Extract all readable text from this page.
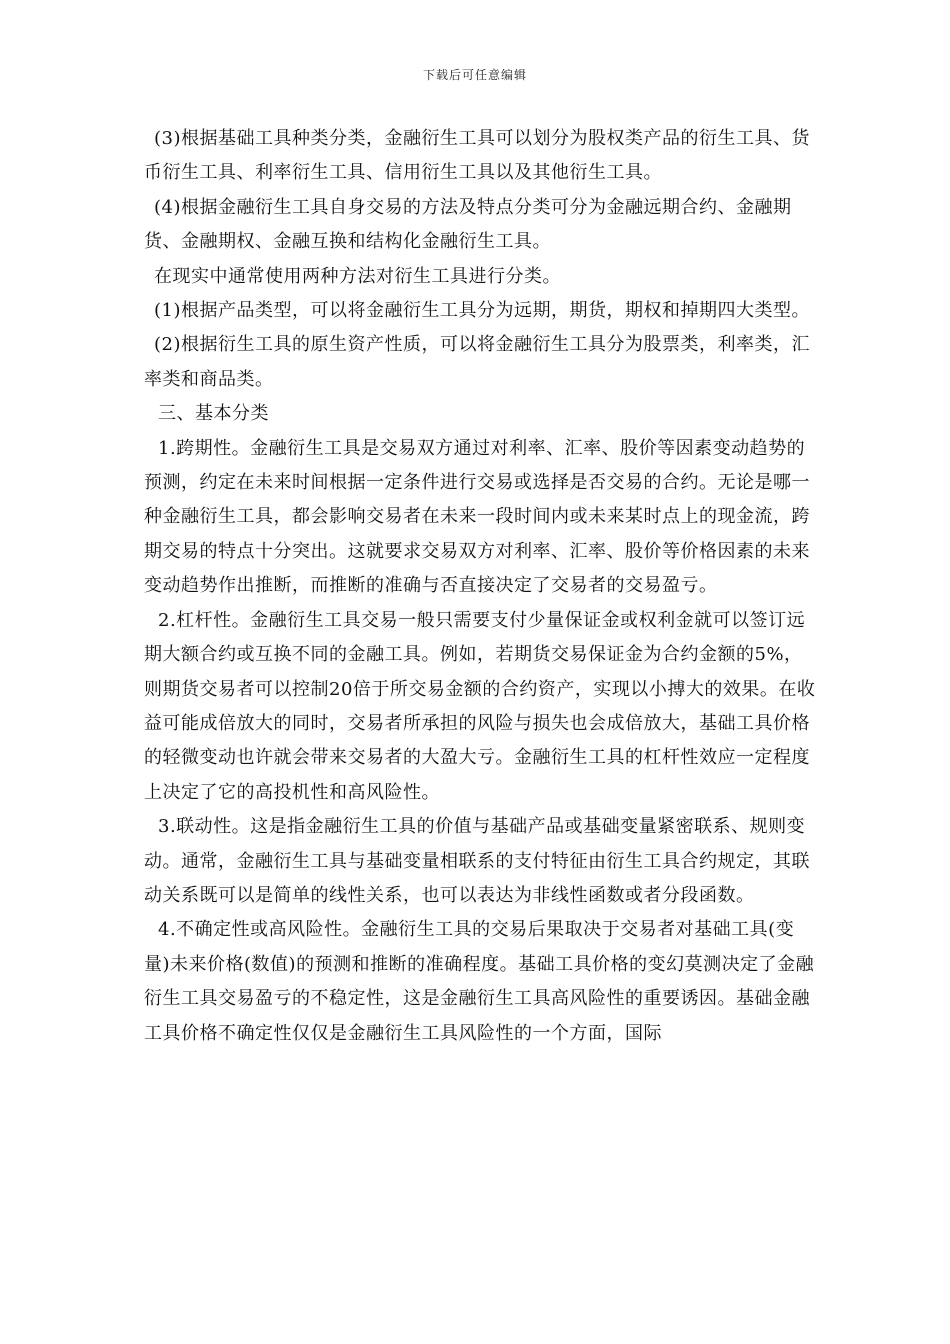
下载后可任意编辑

(3)根据基础工具种类分类，金融衍生工具可以划分为股权类产品的衍生工具、货币衍生工具、利率衍生工具、信用衍生工具以及其他衍生工具。

(4)根据金融衍生工具自身交易的方法及特点分类可分为金融远期合约、金融期货、金融期权、金融互换和结构化金融衍生工具。

在现实中通常使用两种方法对衍生工具进行分类。

(1)根据产品类型，可以将金融衍生工具分为远期，期货，期权和掉期四大类型。

(2)根据衍生工具的原生资产性质，可以将金融衍生工具分为股票类，利率类，汇率类和商品类。

三、基本分类

1.跨期性。金融衍生工具是交易双方通过对利率、汇率、股价等因素变动趋势的预测，约定在未来时间根据一定条件进行交易或选择是否交易的合约。无论是哪一种金融衍生工具，都会影响交易者在未来一段时间内或未来某时点上的现金流，跨期交易的特点十分突出。这就要求交易双方对利率、汇率、股价等价格因素的未来变动趋势作出推断，而推断的准确与否直接决定了交易者的交易盈亏。

2.杠杆性。金融衍生工具交易一般只需要支付少量保证金或权利金就可以签订远期大额合约或互换不同的金融工具。例如，若期货交易保证金为合约金额的5%，则期货交易者可以控制20倍于所交易金额的合约资产，实现以小搏大的效果。在收益可能成倍放大的同时，交易者所承担的风险与损失也会成倍放大，基础工具价格的轻微变动也许就会带来交易者的大盈大亏。金融衍生工具的杠杆性效应一定程度上决定了它的高投机性和高风险性。

3.联动性。这是指金融衍生工具的价值与基础产品或基础变量紧密联系、规则变动。通常，金融衍生工具与基础变量相联系的支付特征由衍生工具合约规定，其联动关系既可以是简单的线性关系，也可以表达为非线性函数或者分段函数。

4.不确定性或高风险性。金融衍生工具的交易后果取决于交易者对基础工具(变量)未来价格(数值)的预测和推断的准确程度。基础工具价格的变幻莫测决定了金融衍生工具交易盈亏的不稳定性，这是金融衍生工具高风险性的重要诱因。基础金融工具价格不确定性仅仅是金融衍生工具风险性的一个方面，国际
